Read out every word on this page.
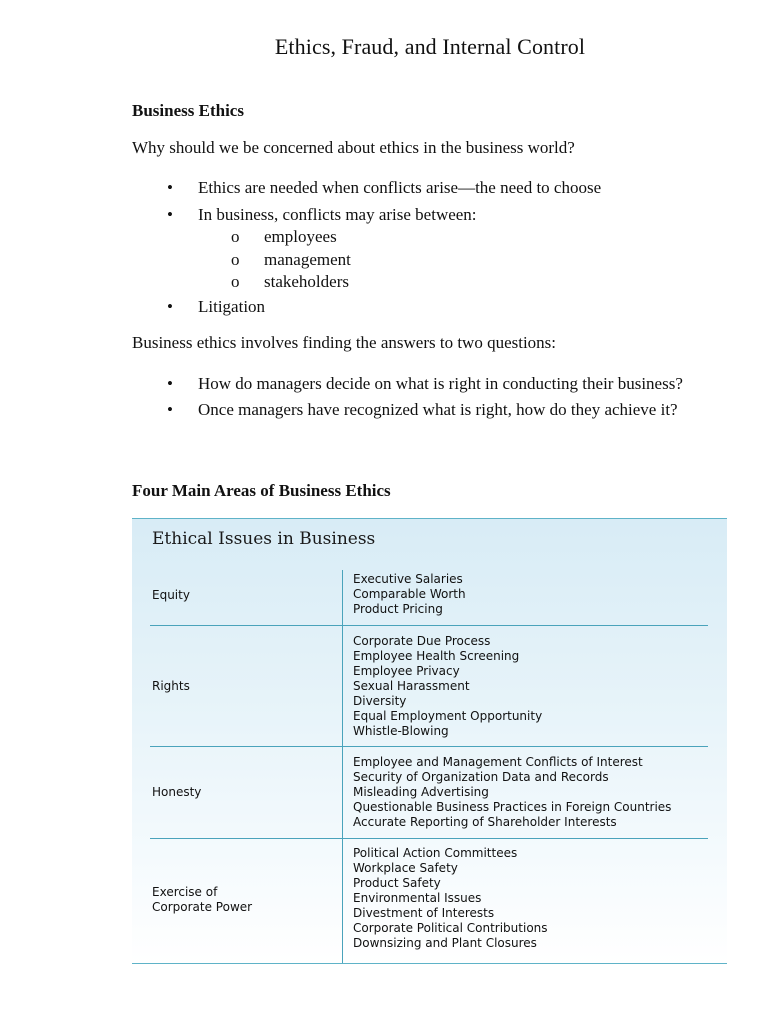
Ethics, Fraud, and Internal Control
Business Ethics
Why should we be concerned about ethics in the business world?
• Ethics are needed when conflicts arise—the need to choose
• In business, conflicts may arise between:
o employees
o management
o stakeholders
• Litigation
Business ethics involves finding the answers to two questions:
• How do managers decide on what is right in conducting their business?
• Once managers have recognized what is right, how do they achieve it?
Four Main Areas of Business Ethics
Ethical Issues in Business
Equity
Executive Salaries
Comparable Worth
Product Pricing
Rights
Corporate Due Process
Employee Health Screening
Employee Privacy
Sexual Harassment
Diversity
Equal Employment Opportunity
Whistle-Blowing
Honesty
Employee and Management Conflicts of Interest
Security of Organization Data and Records
Misleading Advertising
Questionable Business Practices in Foreign Countries
Accurate Reporting of Shareholder Interests
Exercise of
Corporate Power
Political Action Committees
Workplace Safety
Product Safety
Environmental Issues
Divestment of Interests
Corporate Political Contributions
Downsizing and Plant Closures
